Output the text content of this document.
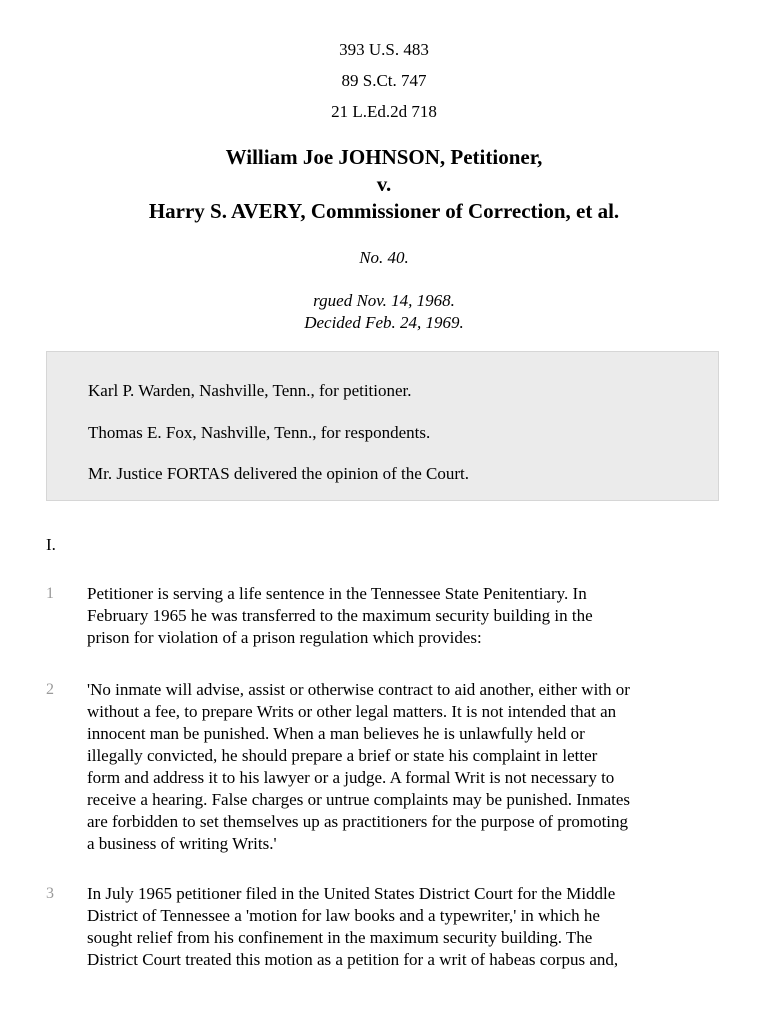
393 U.S. 483
89 S.Ct. 747
21 L.Ed.2d 718
William Joe JOHNSON, Petitioner,
v.
Harry S. AVERY, Commissioner of Correction, et al.
No. 40.
rgued Nov. 14, 1968.
Decided Feb. 24, 1969.
Karl P. Warden, Nashville, Tenn., for petitioner.
Thomas E. Fox, Nashville, Tenn., for respondents.
Mr. Justice FORTAS delivered the opinion of the Court.
I.
1	Petitioner is serving a life sentence in the Tennessee State Penitentiary. In
February 1965 he was transferred to the maximum security building in the
prison for violation of a prison regulation which provides:
2	'No inmate will advise, assist or otherwise contract to aid another, either with or
without a fee, to prepare Writs or other legal matters. It is not intended that an
innocent man be punished. When a man believes he is unlawfully held or
illegally convicted, he should prepare a brief or state his complaint in letter
form and address it to his lawyer or a judge. A formal Writ is not necessary to
receive a hearing. False charges or untrue complaints may be punished. Inmates
are forbidden to set themselves up as practitioners for the purpose of promoting
a business of writing Writs.'
3	In July 1965 petitioner filed in the United States District Court for the Middle
District of Tennessee a 'motion for law books and a typewriter,' in which he
sought relief from his confinement in the maximum security building. The
District Court treated this motion as a petition for a writ of habeas corpus and,
